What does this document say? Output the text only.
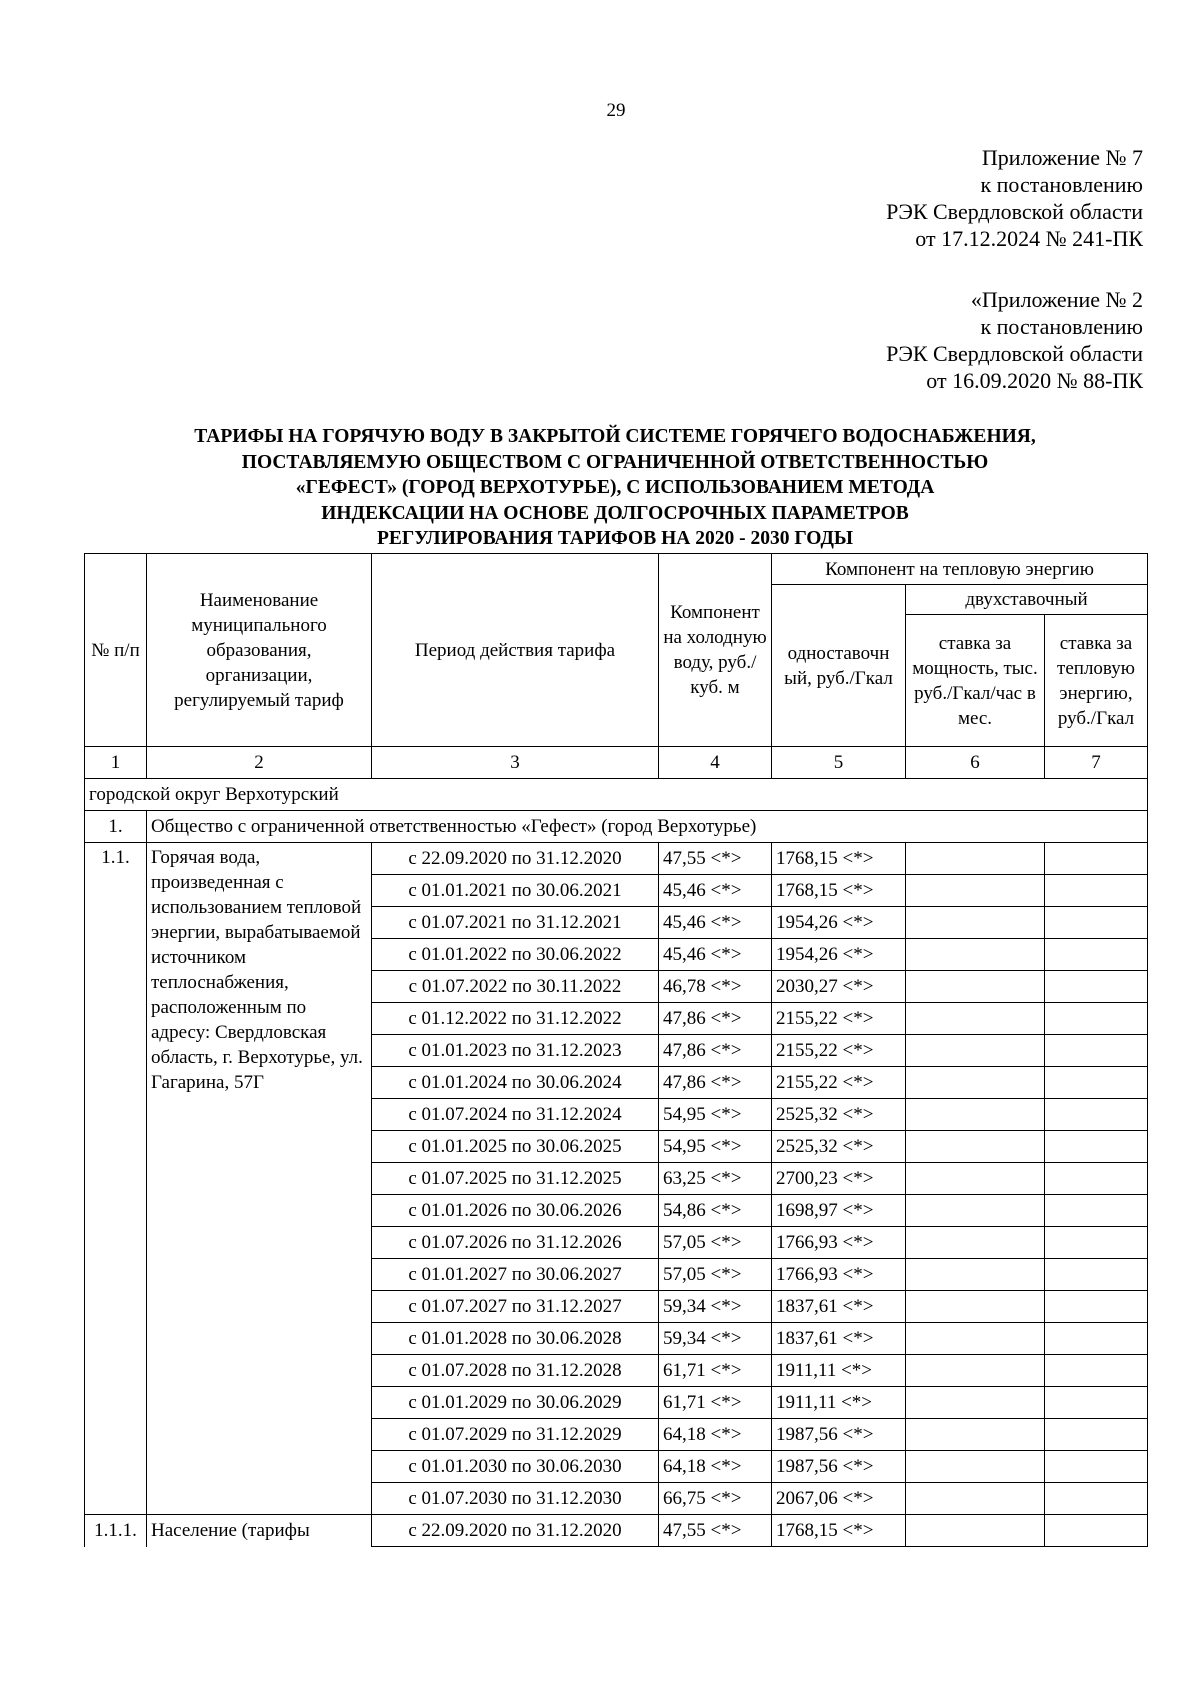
29
Приложение № 7
к постановлению
РЭК Свердловской области
от 17.12.2024 № 241-ПК
«Приложение № 2
к постановлению
РЭК Свердловской области
от 16.09.2020 № 88-ПК
ТАРИФЫ НА ГОРЯЧУЮ ВОДУ В ЗАКРЫТОЙ СИСТЕМЕ ГОРЯЧЕГО ВОДОСНАБЖЕНИЯ,
ПОСТАВЛЯЕМУЮ ОБЩЕСТВОМ С ОГРАНИЧЕННОЙ ОТВЕТСТВЕННОСТЬЮ
«ГЕФЕСТ» (ГОРОД ВЕРХОТУРЬЕ), С ИСПОЛЬЗОВАНИЕМ МЕТОДА
ИНДЕКСАЦИИ НА ОСНОВЕ ДОЛГОСРОЧНЫХ ПАРАМЕТРОВ
РЕГУЛИРОВАНИЯ ТАРИФОВ НА 2020 - 2030 ГОДЫ
№ п/п	Наименование муниципального образования, организации, регулируемый тариф	Период действия тарифа	Компонент на холодную воду, руб./куб. м	Компонент на тепловую энергию		
				одноставочн ый, руб./Гкал	двухставочный	
					ставка за мощность, тыс. руб./Гкал/час в мес.	ставка за тепловую энергию, руб./Гкал
1	2	3	4	5	6	7
городской округ Верхотурский						
1.	Общество с ограниченной ответственностью «Гефест» (город Верхотурье)					
1.1.	Горячая вода, произведенная с использованием тепловой энергии, вырабатываемой источником теплоснабжения, расположенным по адресу: Свердловская область, г. Верхотурье, ул. Гагарина, 57Г	с 22.09.2020 по 31.12.2020	47,55 <*>	1768,15 <*>		
		с 01.01.2021 по 30.06.2021	45,46 <*>	1768,15 <*>		
		с 01.07.2021 по 31.12.2021	45,46 <*>	1954,26 <*>		
		с 01.01.2022 по 30.06.2022	45,46 <*>	1954,26 <*>		
		с 01.07.2022 по 30.11.2022	46,78 <*>	2030,27 <*>		
		с 01.12.2022 по 31.12.2022	47,86 <*>	2155,22 <*>		
		с 01.01.2023 по 31.12.2023	47,86 <*>	2155,22 <*>		
		с 01.01.2024 по 30.06.2024	47,86 <*>	2155,22 <*>		
		с 01.07.2024 по 31.12.2024	54,95 <*>	2525,32 <*>		
		с 01.01.2025 по 30.06.2025	54,95 <*>	2525,32 <*>		
		с 01.07.2025 по 31.12.2025	63,25 <*>	2700,23 <*>		
		с 01.01.2026 по 30.06.2026	54,86 <*>	1698,97 <*>		
		с 01.07.2026 по 31.12.2026	57,05 <*>	1766,93 <*>		
		с 01.01.2027 по 30.06.2027	57,05 <*>	1766,93 <*>		
		с 01.07.2027 по 31.12.2027	59,34 <*>	1837,61 <*>		
		с 01.01.2028 по 30.06.2028	59,34 <*>	1837,61 <*>		
		с 01.07.2028 по 31.12.2028	61,71 <*>	1911,11 <*>		
		с 01.01.2029 по 30.06.2029	61,71 <*>	1911,11 <*>		
		с 01.07.2029 по 31.12.2029	64,18 <*>	1987,56 <*>		
		с 01.01.2030 по 30.06.2030	64,18 <*>	1987,56 <*>		
		с 01.07.2030 по 31.12.2030	66,75 <*>	2067,06 <*>		
1.1.1.	Население (тарифы	с 22.09.2020 по 31.12.2020	47,55 <*>	1768,15 <*>		
